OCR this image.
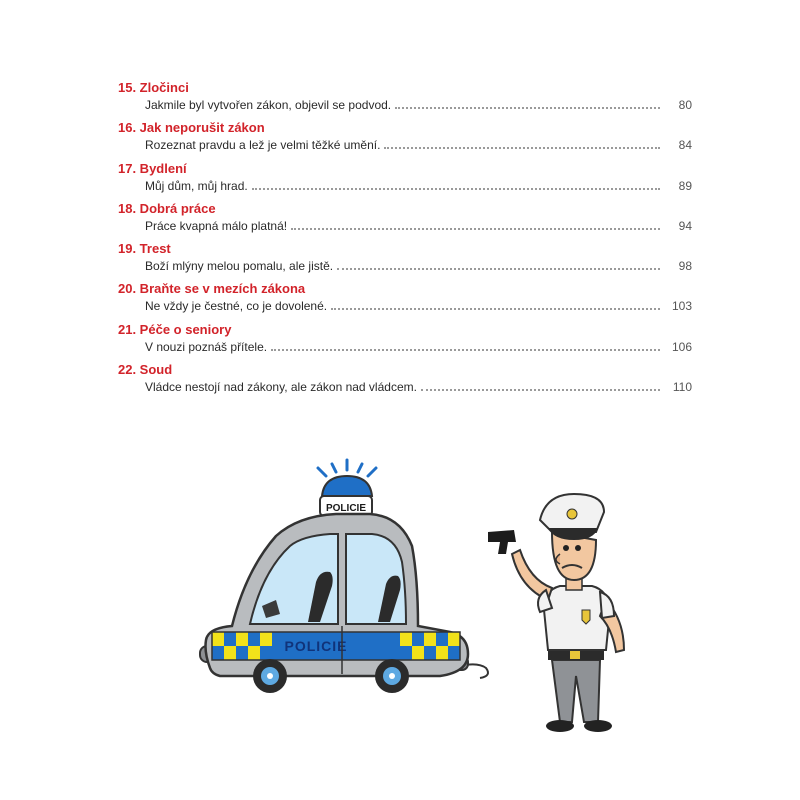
15. Zločinci
Jakmile byl vytvořen zákon, objevil se podvod.	80
16. Jak neporušit zákon
Rozeznat pravdu a lež je velmi těžké umění.	84
17. Bydlení
Můj dům, můj hrad.	89
18. Dobrá práce
Práce kvapná málo platná!	94
19. Trest
Boží mlýny melou pomalu, ale jistě.	98
20. Braňte se v mezích zákona
Ne vždy je čestné, co je dovolené.	103
21. Péče o seniory
V nouzi poznáš přítele.	106
22. Soud
Vládce nestojí nad zákony, ale zákon nad vládcem.	110
POLICIE
POLICIE
